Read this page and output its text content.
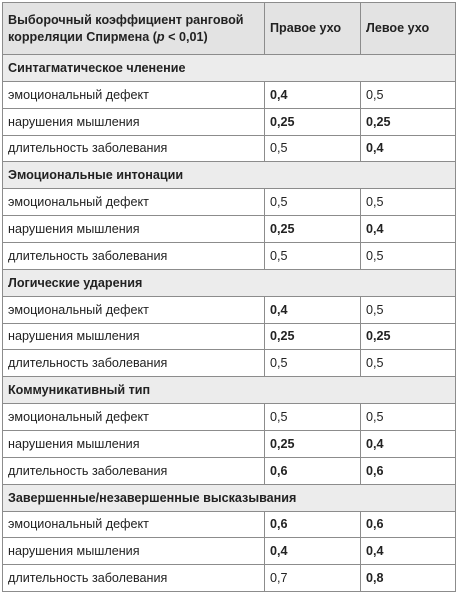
Выборочный коэффициент ранговой
корреляции Спирмена (p < 0,01)	Правое ухо	Левое ухо
Синтагматическое членение		
эмоциональный дефект	0,4	0,5
нарушения мышления	0,25	0,25
длительность заболевания	0,5	0,4
Эмоциональные интонации		
эмоциональный дефект	0,5	0,5
нарушения мышления	0,25	0,4
длительность заболевания	0,5	0,5
Логические ударения		
эмоциональный дефект	0,4	0,5
нарушения мышления	0,25	0,25
длительность заболевания	0,5	0,5
Коммуникативный тип		
эмоциональный дефект	0,5	0,5
нарушения мышления	0,25	0,4
длительность заболевания	0,6	0,6
Завершенные/незавершенные высказывания		
эмоциональный дефект	0,6	0,6
нарушения мышления	0,4	0,4
длительность заболевания	0,7	0,8
